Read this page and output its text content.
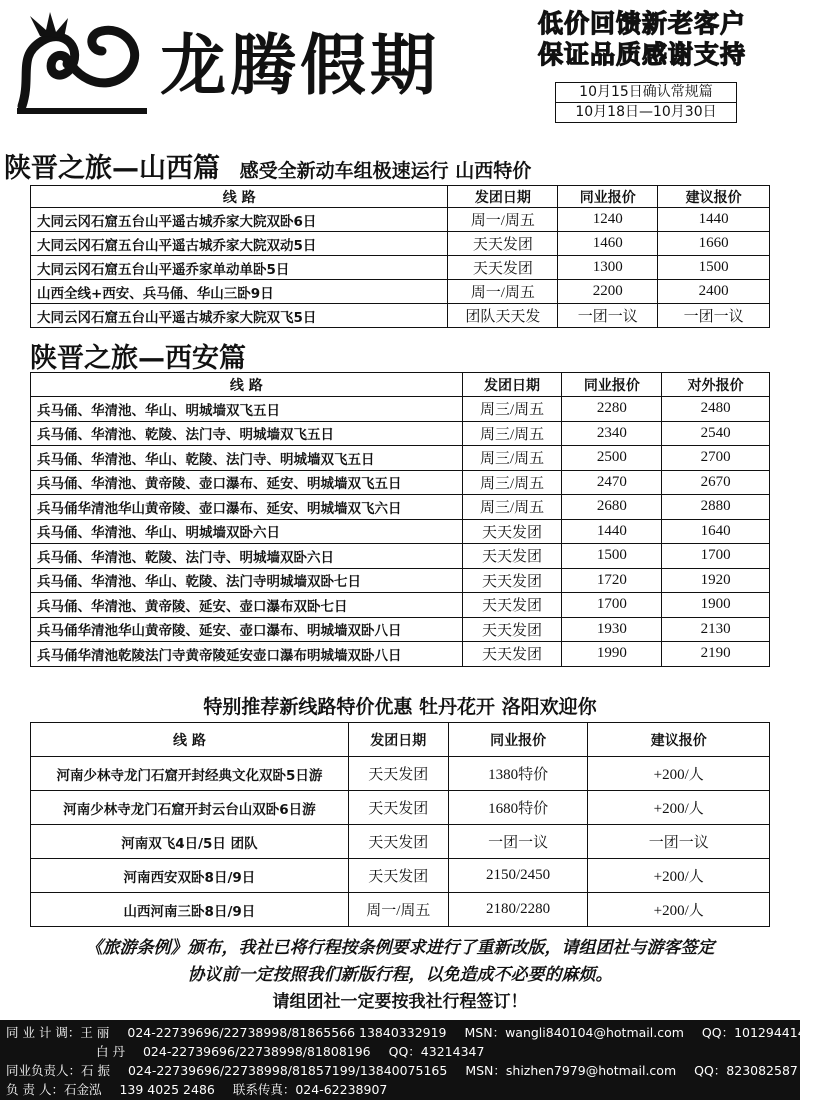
龙腾假期
低价回馈新老客户
保证品质感谢支持
10月15日确认常规篇
10月18日—10月30日
陕晋之旅—山西篇 感受全新动车组极速运行 山西特价
线 路	发团日期	同业报价	建议报价
大同云冈石窟五台山平遥古城乔家大院双卧6日	周一/周五	1240	1440
大同云冈石窟五台山平遥古城乔家大院双动5日	天天发团	1460	1660
大同云冈石窟五台山平遥乔家单动单卧5日	天天发团	1300	1500
山西全线+西安、兵马俑、华山三卧9日	周一/周五	2200	2400
大同云冈石窟五台山平遥古城乔家大院双飞5日	团队天天发	一团一议	一团一议
陕晋之旅—西安篇
线 路	发团日期	同业报价	对外报价
兵马俑、华清池、华山、明城墙双飞五日	周三/周五	2280	2480
兵马俑、华清池、乾陵、法门寺、明城墙双飞五日	周三/周五	2340	2540
兵马俑、华清池、华山、乾陵、法门寺、明城墙双飞五日	周三/周五	2500	2700
兵马俑、华清池、黄帝陵、壶口瀑布、延安、明城墙双飞五日	周三/周五	2470	2670
兵马俑华清池华山黄帝陵、壶口瀑布、延安、明城墙双飞六日	周三/周五	2680	2880
兵马俑、华清池、华山、明城墙双卧六日	天天发团	1440	1640
兵马俑、华清池、乾陵、法门寺、明城墙双卧六日	天天发团	1500	1700
兵马俑、华清池、华山、乾陵、法门寺明城墙双卧七日	天天发团	1720	1920
兵马俑、华清池、黄帝陵、延安、壶口瀑布双卧七日	天天发团	1700	1900
兵马俑华清池华山黄帝陵、延安、壶口瀑布、明城墙双卧八日	天天发团	1930	2130
兵马俑华清池乾陵法门寺黄帝陵延安壶口瀑布明城墙双卧八日	天天发团	1990	2190
特别推荐新线路特价优惠 牡丹花开 洛阳欢迎你
线 路	发团日期	同业报价	建议报价
河南少林寺龙门石窟开封经典文化双卧5日游	天天发团	1380特价	+200/人
河南少林寺龙门石窟开封云台山双卧6日游	天天发团	1680特价	+200/人
河南双飞4日/5日 团队	天天发团	一团一议	一团一议
河南西安双卧8日/9日	天天发团	2150/2450	+200/人
山西河南三卧8日/9日	周一/周五	2180/2280	+200/人
《旅游条例》颁布，我社已将行程按条例要求进行了重新改版，请组团社与游客签定
协议前一定按照我们新版行程，以免造成不必要的麻烦。
请组团社一定要按我社行程签订！
同 业 计 调：王 丽 024-22739696/22738998/81865566 13840332919 MSN：wangli840104@hotmail.com QQ：1012944143
白 丹 024-22739696/22738998/81808196 QQ：43214347
同业负责人：石 振 024-22739696/22738998/81857199/13840075165 MSN：shizhen7979@hotmail.com QQ：823082587
负 责 人：石金泓 139 4025 2486 联系传真：024-62238907
